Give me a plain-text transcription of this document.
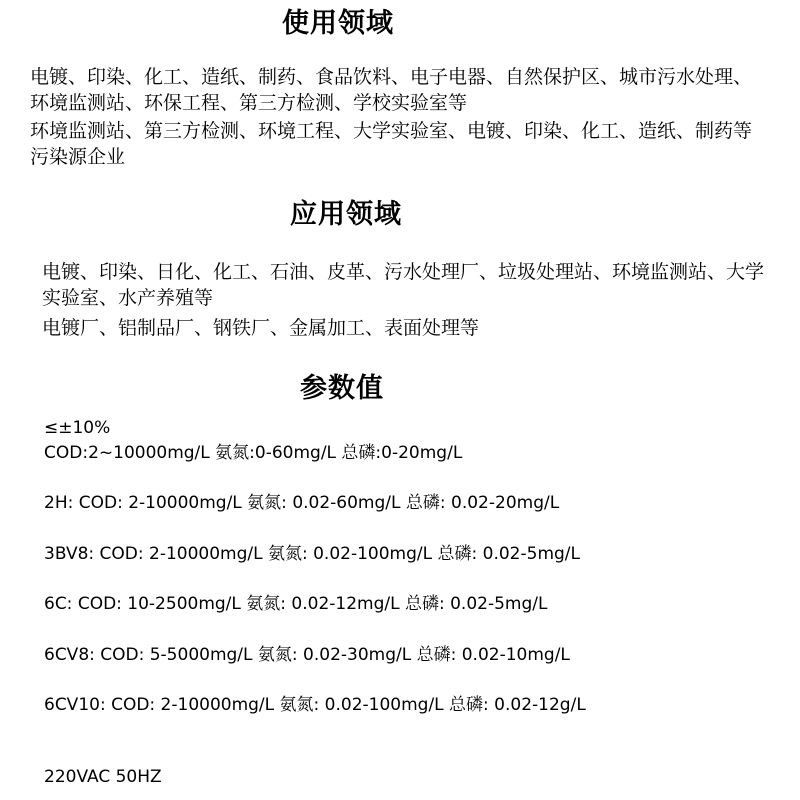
使用领域
电镀、印染、化工、造纸、制药、食品饮料、电子电器、自然保护区、城市污水处理、环境监测站、环保工程、第三方检测、学校实验室等
环境监测站、第三方检测、环境工程、大学实验室、电镀、印染、化工、造纸、制药等污染源企业
应用领域
电镀、印染、日化、化工、石油、皮革、污水处理厂、垃圾处理站、环境监测站、大学实验室、水产养殖等
电镀厂、铝制品厂、钢铁厂、金属加工、表面处理等
参数值
≤±10%
COD:2~10000mg/L 氨氮:0-60mg/L 总磷:0-20mg/L
2H: COD: 2-10000mg/L 氨氮: 0.02-60mg/L 总磷: 0.02-20mg/L
3BV8: COD: 2-10000mg/L 氨氮: 0.02-100mg/L 总磷: 0.02-5mg/L
6C: COD: 10-2500mg/L 氨氮: 0.02-12mg/L 总磷: 0.02-5mg/L
6CV8: COD: 5-5000mg/L 氨氮: 0.02-30mg/L 总磷: 0.02-10mg/L
6CV10: COD: 2-10000mg/L 氨氮: 0.02-100mg/L 总磷: 0.02-12g/L
220VAC 50HZ
